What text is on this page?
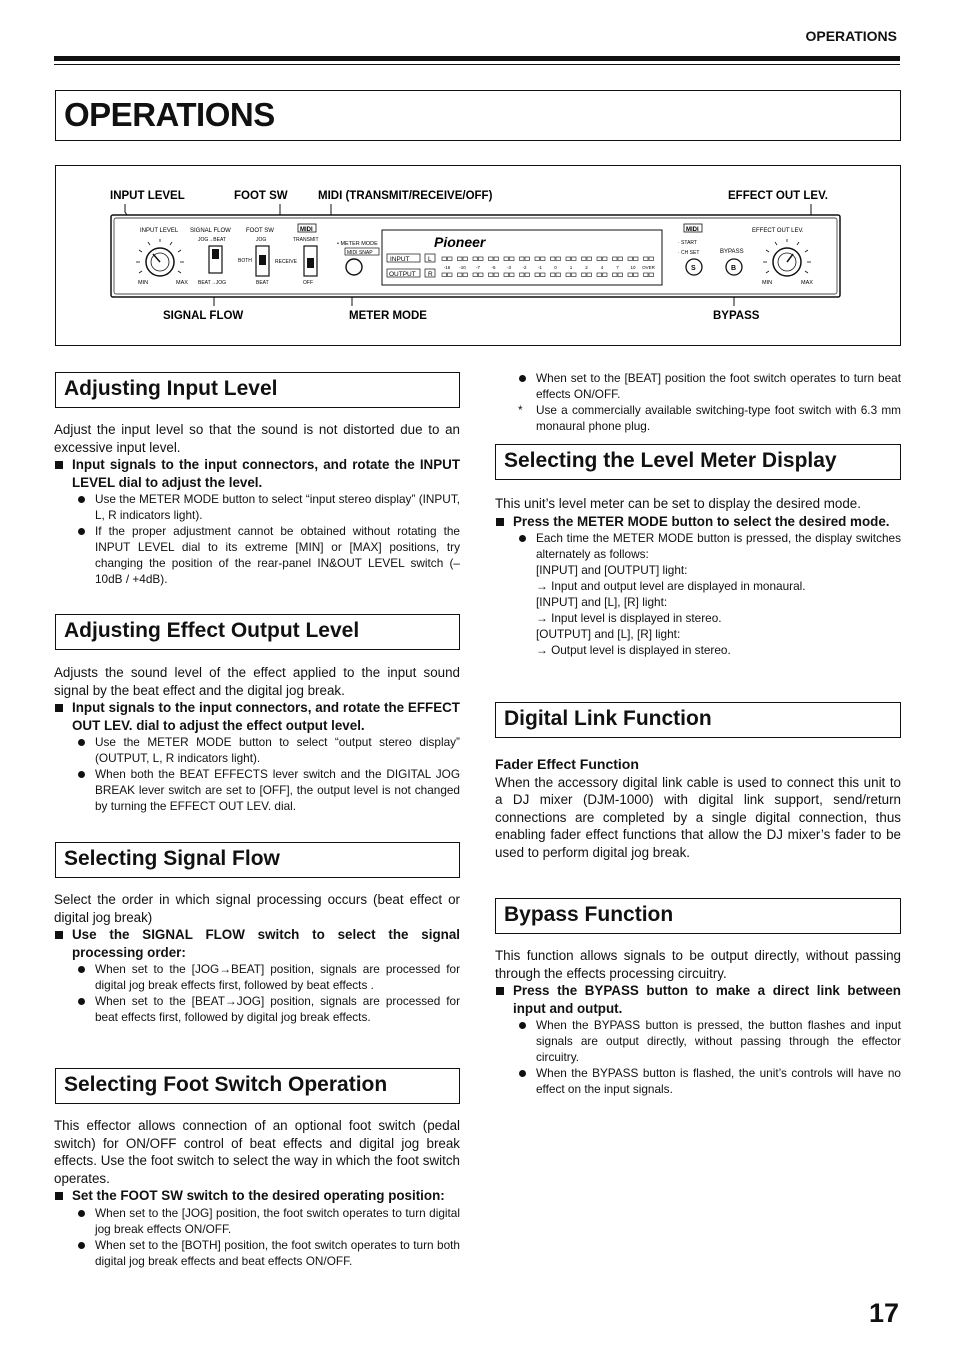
OPERATIONS
OPERATIONS
INPUT LEVEL	FOOT SW	MIDI (TRANSMIT/RECEIVE/OFF)	EFFECT OUT LEV.
SIGNAL FLOW	METER MODE	BYPASS
INPUT LEVEL
MIN	MAX
SIGNAL FLOW
JOG→BEAT
BEAT→JOG
FOOT SW
JOG
BOTH
BEAT
MIDI
TRANSMIT
RECEIVE
OFF
• METER MODE
MIDI SNAP
Pioneer
INPUT	L
OUTPUT R
-16 -10 -7	-5	-3	-2	-1	0	1	2	4	7	10 OVER
MIDI
· START
· CH SET	BYPASS
S	B
EFFECT OUT LEV.
MIN	MAX
Adjusting Input Level

Adjust the input level so that the sound is not distorted due to an excessive input level.

Input signals to the input connectors, and rotate the INPUT LEVEL dial to adjust the level.
Use the METER MODE button to select “input stereo display” (INPUT, L, R indicators light).
If the proper adjustment cannot be obtained without rotating the INPUT LEVEL dial to its extreme [MIN] or [MAX] positions, try changing the position of the rear-panel IN&OUT LEVEL switch (–10dB / +4dB).
Adjusting Effect Output Level

Adjusts the sound level of the effect applied to the input sound signal by the beat effect and the digital jog break.

Input signals to the input connectors, and rotate the EFFECT OUT LEV. dial to adjust the effect output level.
Use the METER MODE button to select “output stereo display” (OUTPUT, L, R indicators light).
When both the BEAT EFFECTS lever switch and the DIGITAL JOG BREAK lever switch are set to [OFF], the output level is not changed by turning the EFFECT OUT LEV. dial.
Selecting Signal Flow

Select the order in which signal processing occurs (beat effect or digital jog break)

Use the SIGNAL FLOW switch to select the signal processing order:
When set to the [JOG→BEAT] position, signals are processed for digital jog break effects first, followed by beat effects .
When set to the [BEAT→JOG] position, signals are processed for beat effects first, followed by digital jog break effects.
Selecting Foot Switch Operation

This effector allows connection of an optional foot switch (pedal switch) for ON/OFF control of beat effects and digital jog break effects. Use the foot switch to select the way in which the foot switch operates.

Set the FOOT SW switch to the desired operating position:
When set to the [JOG] position, the foot switch operates to turn digital jog break effects ON/OFF.
When set to the [BOTH] position, the foot switch operates to turn both digital jog break effects and beat effects ON/OFF.
When set to the [BEAT] position the foot switch operates to turn beat effects ON/OFF.
* Use a commercially available switching-type foot switch with 6.3 mm monaural phone plug.
Selecting the Level Meter Display

This unit’s level meter can be set to display the desired mode.

Press the METER MODE button to select the desired mode.
Each time the METER MODE button is pressed, the display switches alternately as follows:
[INPUT] and [OUTPUT] light:
→ Input and output level are displayed in monaural.
[INPUT] and [L], [R] light:
→ Input level is displayed in stereo.
[OUTPUT] and [L], [R] light:
→ Output level is displayed in stereo.
Digital Link Function
Fader Effect Function

When the accessory digital link cable is used to connect this unit to a DJ mixer (DJM-1000) with digital link support, send/return connections are completed by a single digital connection, thus enabling fader effect functions that allow the DJ mixer’s fader to be used to perform digital jog break.

Bypass Function

This function allows signals to be output directly, without passing through the effects processing circuitry.

Press the BYPASS button to make a direct link between input and output.
When the BYPASS button is pressed, the button flashes and input signals are output directly, without passing through the effector circuitry.
When the BYPASS button is flashed, the unit’s controls will have no effect on the input signals.
17
